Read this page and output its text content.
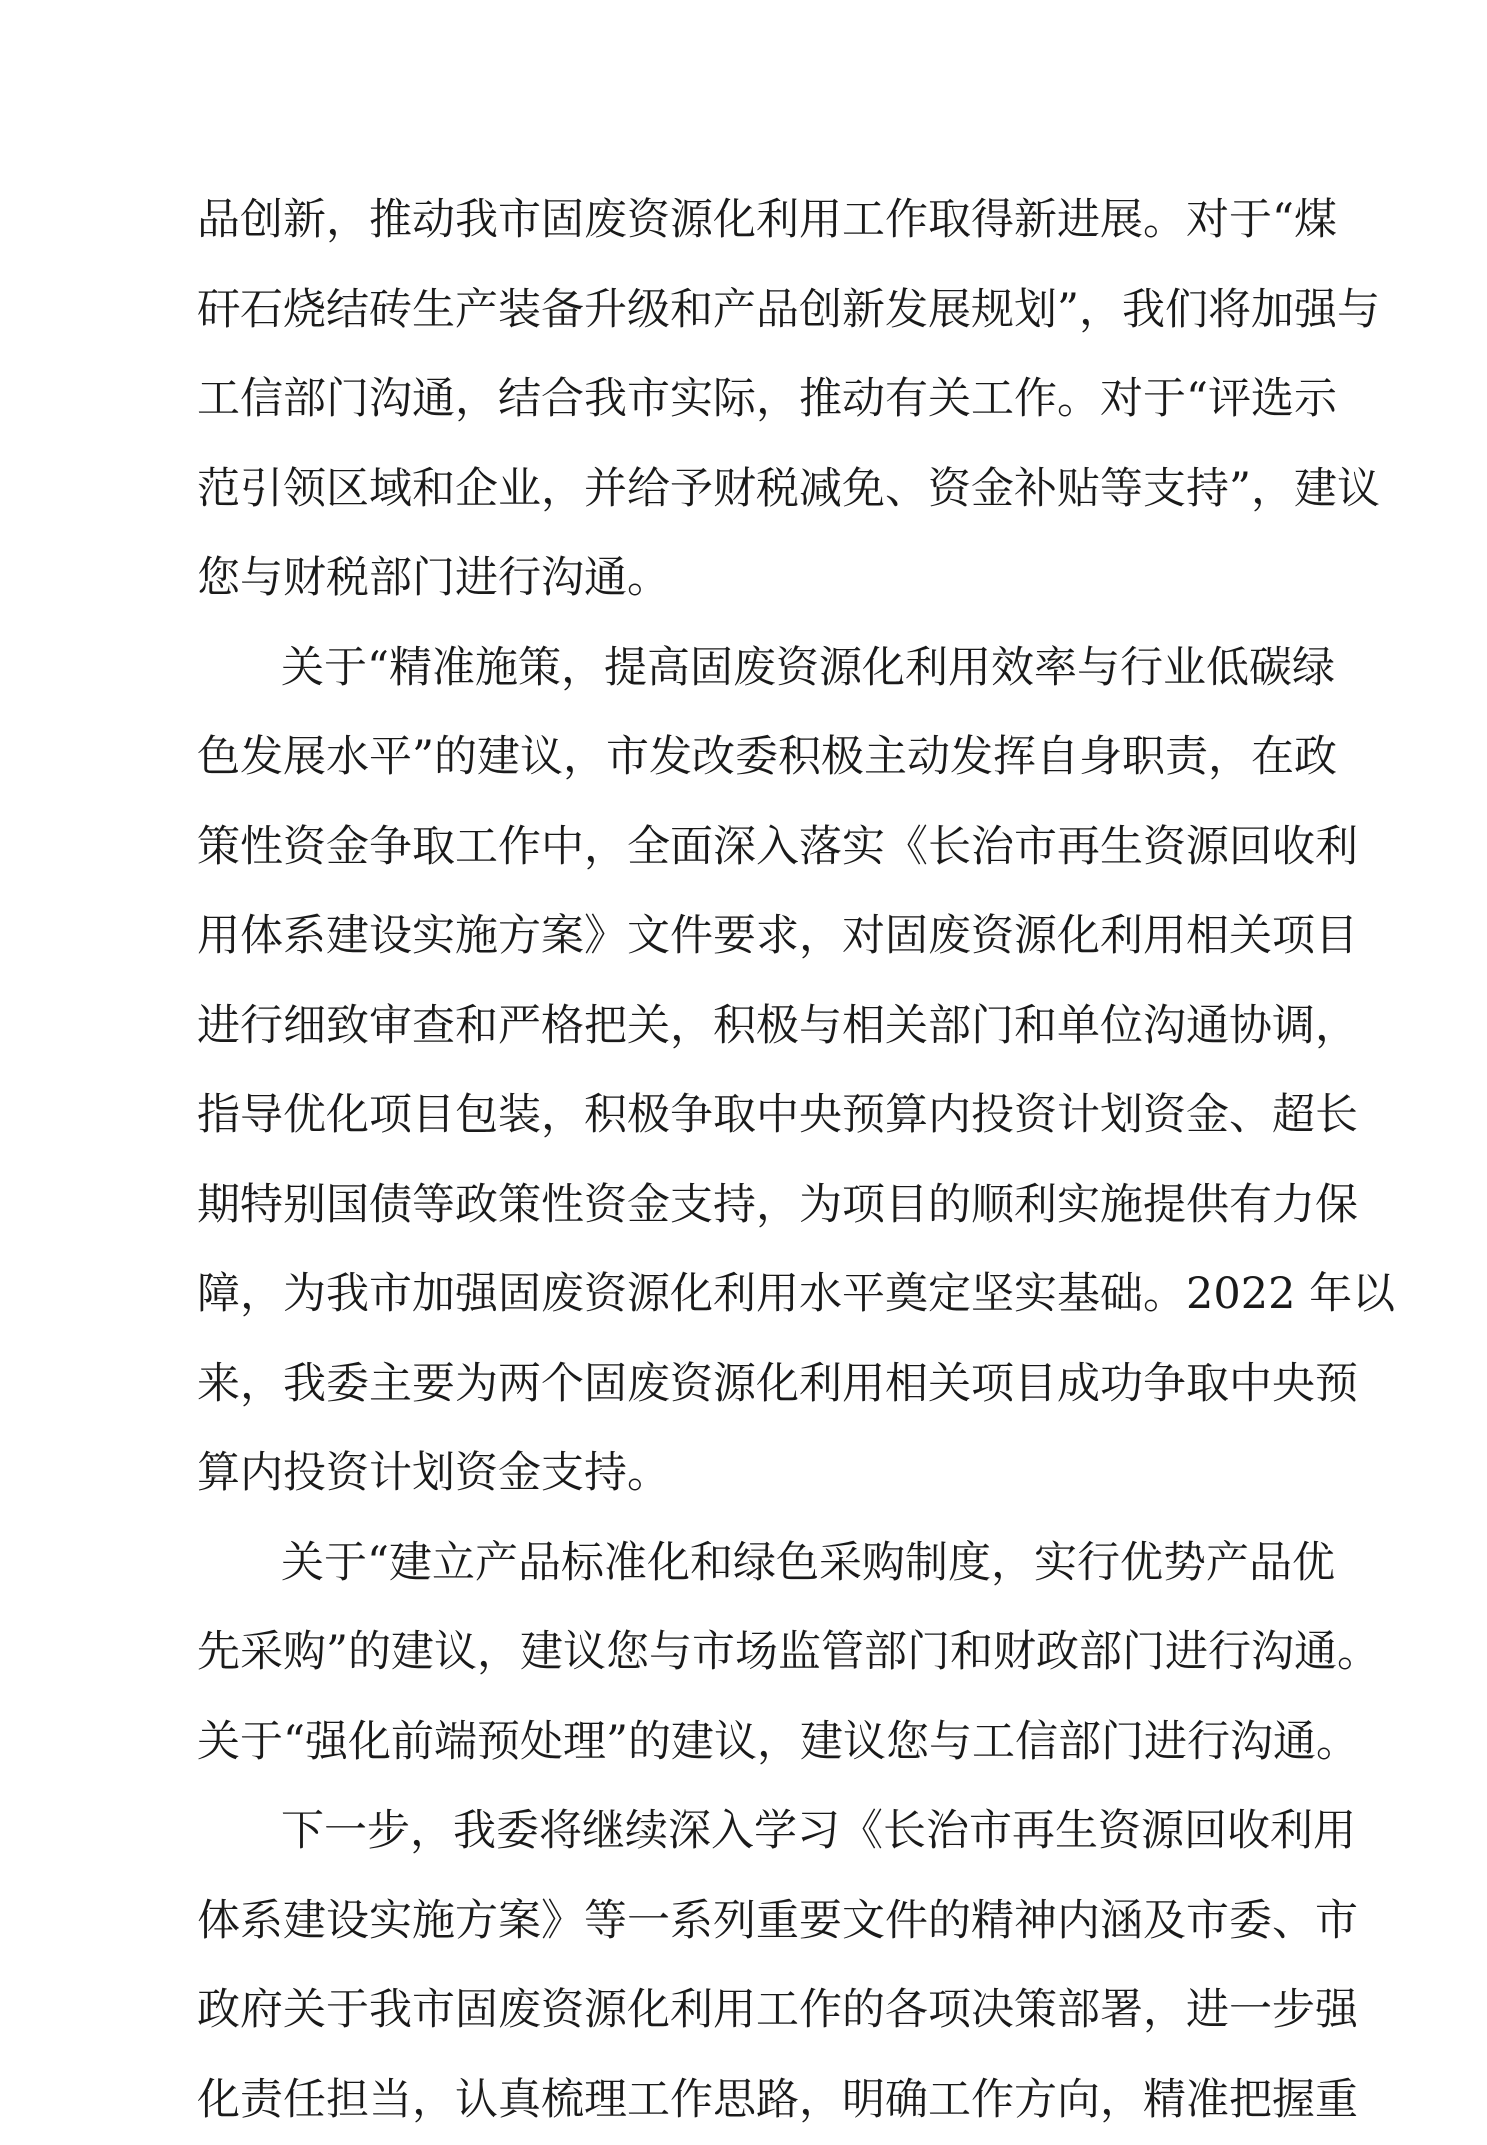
品创新，推动我市固废资源化利用工作取得新进展。对于“煤
矸石烧结砖生产装备升级和产品创新发展规划”，我们将加强与
工信部门沟通，结合我市实际，推动有关工作。对于“评选示
范引领区域和企业，并给予财税减免、资金补贴等支持”，建议
您与财税部门进行沟通。
关于“精准施策，提高固废资源化利用效率与行业低碳绿
色发展水平”的建议，市发改委积极主动发挥自身职责，在政
策性资金争取工作中，全面深入落实《长治市再生资源回收利
用体系建设实施方案》文件要求，对固废资源化利用相关项目
进行细致审查和严格把关，积极与相关部门和单位沟通协调，
指导优化项目包装，积极争取中央预算内投资计划资金、超长
期特别国债等政策性资金支持，为项目的顺利实施提供有力保
障，为我市加强固废资源化利用水平奠定坚实基础。2022 年以
来，我委主要为两个固废资源化利用相关项目成功争取中央预
算内投资计划资金支持。
关于“建立产品标准化和绿色采购制度，实行优势产品优
先采购”的建议，建议您与市场监管部门和财政部门进行沟通。
关于“强化前端预处理”的建议，建议您与工信部门进行沟通。
下一步，我委将继续深入学习《长治市再生资源回收利用
体系建设实施方案》等一系列重要文件的精神内涵及市委、市
政府关于我市固废资源化利用工作的各项决策部署，进一步强
化责任担当，认真梳理工作思路，明确工作方向，精准把握重
